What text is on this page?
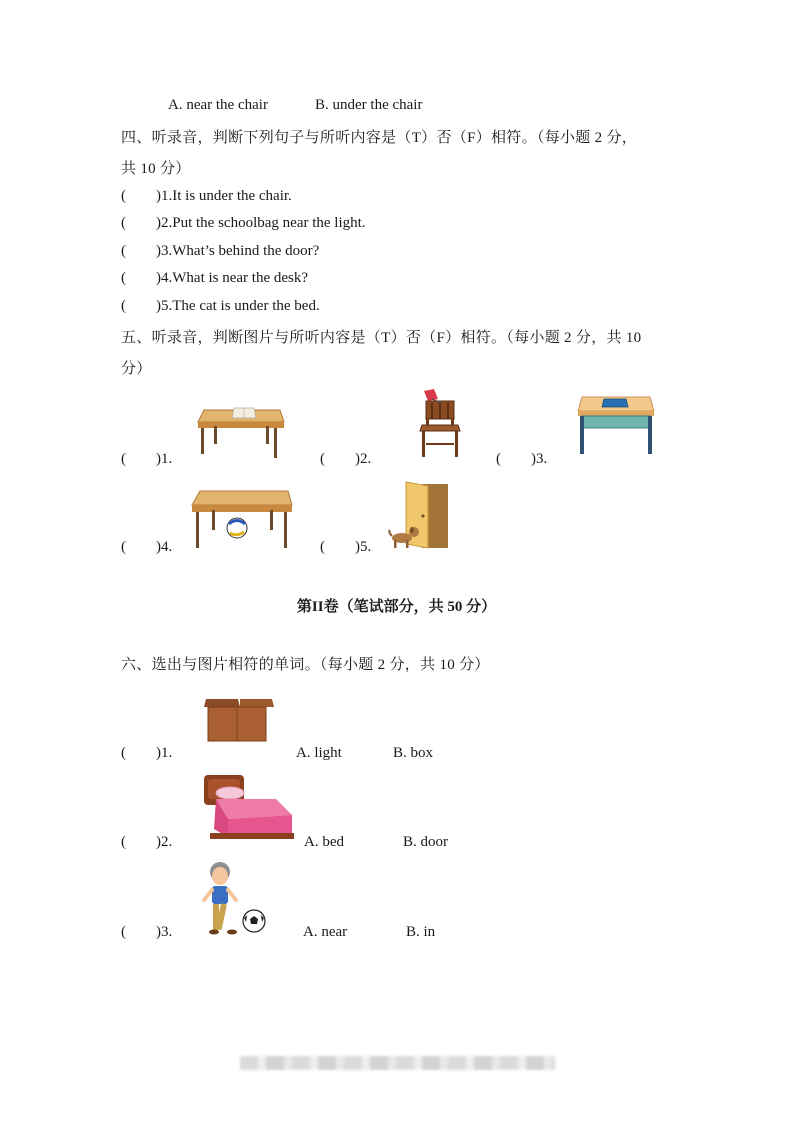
A. near the chair	B. under the chair
四、听录音，判断下列句子与所听内容是（T）否（F）相符。（每小题 2 分，
共 10 分）
(        )1.It is under the chair.
(        )2.Put the schoolbag near the light.
(        )3.What’s behind the door?
(        )4.What is near the desk?
(        )5.The cat is under the bed.
五、听录音，判断图片与所听内容是（T）否（F）相符。（每小题 2 分，共 10
分）
(        )1.	(        )2.	(        )3.
(        )4.	(        )5.
第II卷（笔试部分，共 50 分）
六、选出与图片相符的单词。（每小题 2 分，共 10 分）
(        )1.	A. light	B. box
(        )2.	A. bed	B. door
(        )3.	A. near	B. in
